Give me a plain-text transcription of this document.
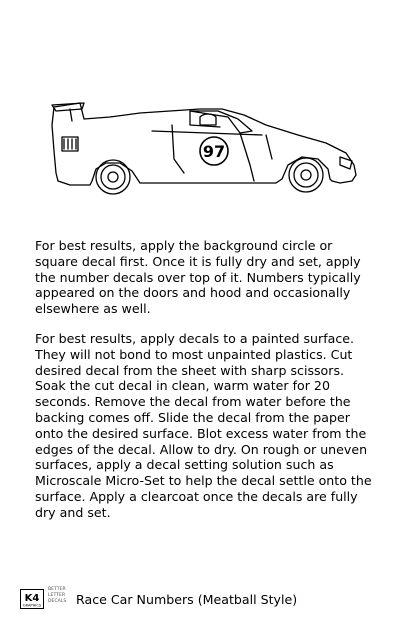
97

For best results, apply the background circle or
square decal first. Once it is fully dry and set, apply
the number decals over top of it. Numbers typically
appeared on the doors and hood and occasionally
elsewhere as well.

For best results, apply decals to a painted surface.
They will not bond to most unpainted plastics. Cut
desired decal from the sheet with sharp scissors.
Soak the cut decal in clean, warm water for 20
seconds. Remove the decal from water before the
backing comes off. Slide the decal from the paper
onto the desired surface. Blot excess water from the
edges of the decal. Allow to dry. On rough or uneven
surfaces, apply a decal setting solution such as
Microscale Micro-Set to help the decal settle onto the
surface. Apply a clearcoat once the decals are fully
dry and set.

K4
GRAPHICS
BETTER
LETTER
DECALS Race Car Numbers (Meatball Style)
